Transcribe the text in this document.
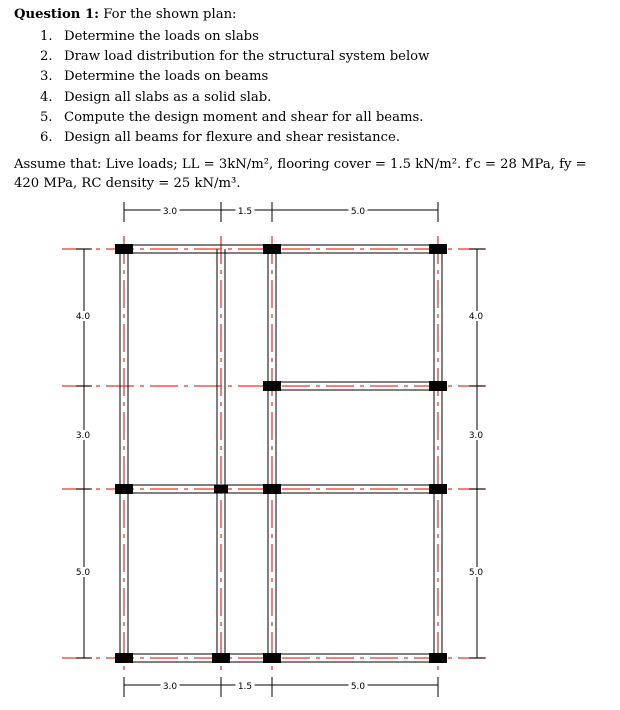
Question 1: For the shown plan:
1. Determine the loads on slabs
2. Draw load distribution for the structural system below
3. Determine the loads on beams
4. Design all slabs as a solid slab.
5. Compute the design moment and shear for all beams.
6. Design all beams for flexure and shear resistance.
Assume that: Live loads; LL = 3kN/m², flooring cover = 1.5 kN/m². f′c = 28 MPa, fy =
420 MPa, RC density = 25 kN/m³.
3.0	1.5	5.0
3.0	1.5	5.0
4.0
3.0
5.0
4.0
3.0
5.0
